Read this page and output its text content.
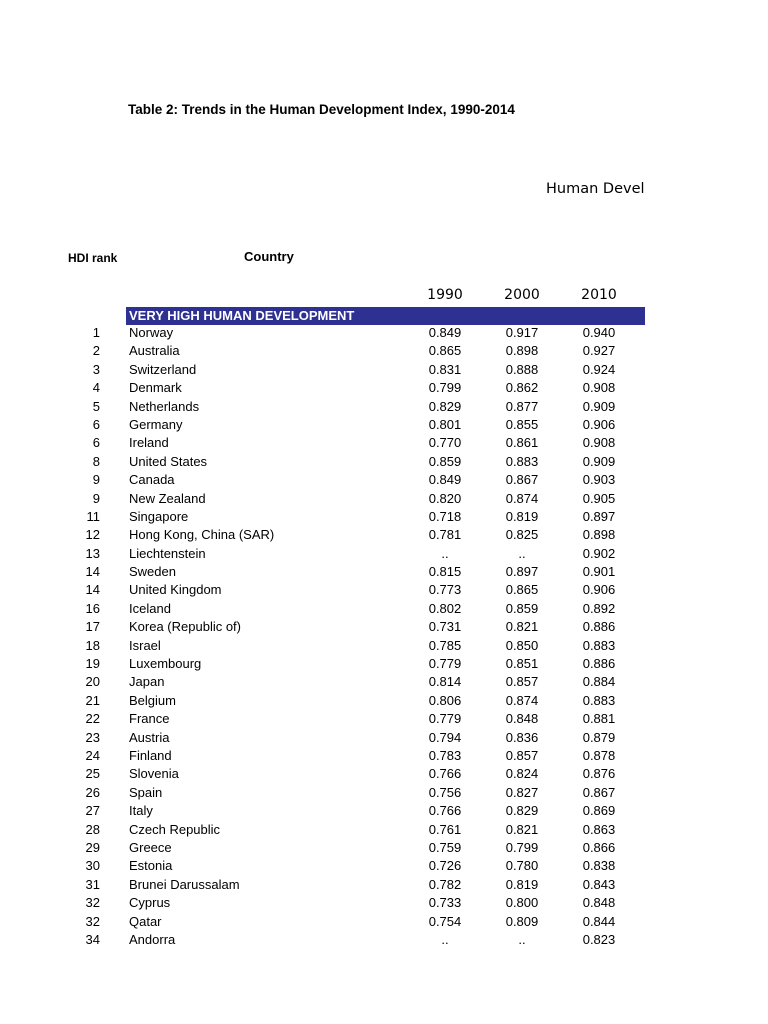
Table 2: Trends in the Human Development Index, 1990-2014
Human Devel
HDI rank	Country
1990	2000	2010
VERY HIGH HUMAN DEVELOPMENT
1 Norway	0.849	0.917	0.940
2 Australia	0.865	0.898	0.927
3 Switzerland	0.831	0.888	0.924
4 Denmark	0.799	0.862	0.908
5 Netherlands	0.829	0.877	0.909
6 Germany	0.801	0.855	0.906
6 Ireland	0.770	0.861	0.908
8 United States	0.859	0.883	0.909
9 Canada	0.849	0.867	0.903
9 New Zealand	0.820	0.874	0.905
11 Singapore	0.718	0.819	0.897
12 Hong Kong, China (SAR)	0.781	0.825	0.898
13 Liechtenstein	..	..	0.902
14 Sweden	0.815	0.897	0.901
14 United Kingdom	0.773	0.865	0.906
16 Iceland	0.802	0.859	0.892
17 Korea (Republic of)	0.731	0.821	0.886
18 Israel	0.785	0.850	0.883
19 Luxembourg	0.779	0.851	0.886
20 Japan	0.814	0.857	0.884
21 Belgium	0.806	0.874	0.883
22 France	0.779	0.848	0.881
23 Austria	0.794	0.836	0.879
24 Finland	0.783	0.857	0.878
25 Slovenia	0.766	0.824	0.876
26 Spain	0.756	0.827	0.867
27 Italy	0.766	0.829	0.869
28 Czech Republic	0.761	0.821	0.863
29 Greece	0.759	0.799	0.866
30 Estonia	0.726	0.780	0.838
31 Brunei Darussalam	0.782	0.819	0.843
32 Cyprus	0.733	0.800	0.848
32 Qatar	0.754	0.809	0.844
34 Andorra	..	..	0.823
